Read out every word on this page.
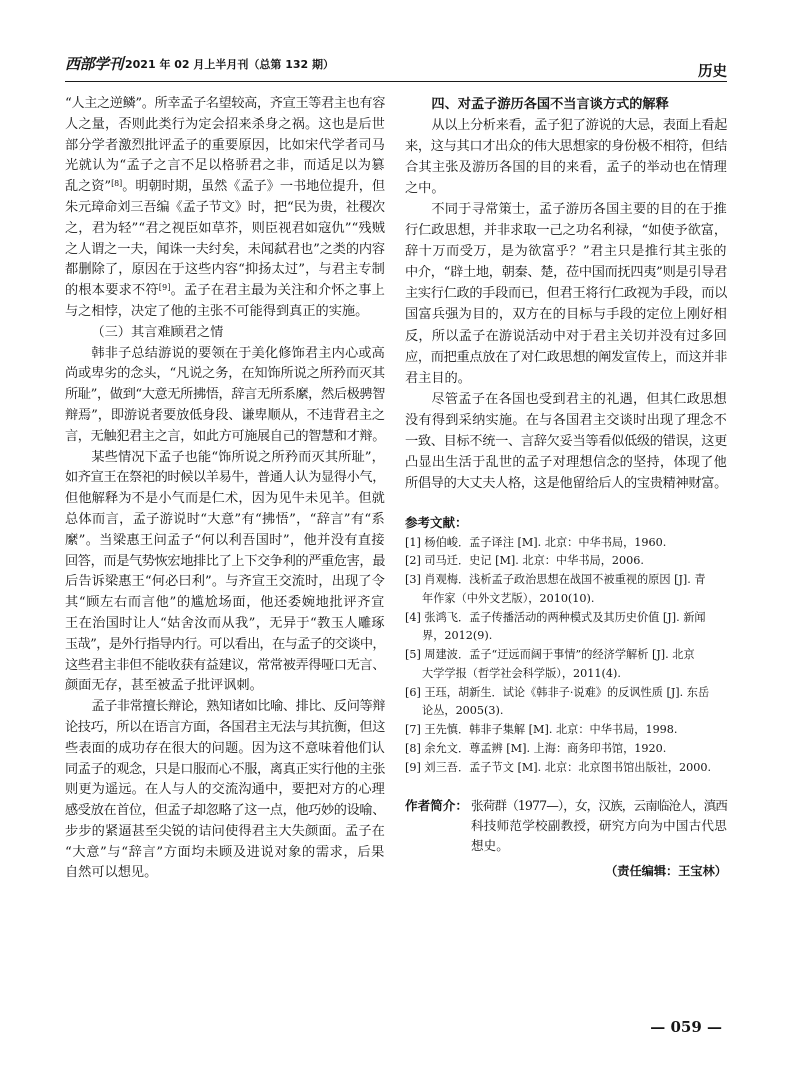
西部学刊 2021 年 02 月上半月刊（总第 132 期）	历史
“人主之逆鳞”。所幸孟子名望较高，齐宣王等君主也有容
人之量，否则此类行为定会招来杀身之祸。这也是后世
部分学者激烈批评孟子的重要原因，比如宋代学者司马
光就认为“孟子之言不足以格骄君之非，而适足以为篡
乱之资”[8]。明朝时期，虽然《孟子》一书地位提升，但
朱元璋命刘三吾编《孟子节文》时，把“民为贵，社稷次
之，君为轻”“君之视臣如草芥，则臣视君如寇仇”“残贼
之人谓之一夫，闻诛一夫纣矣，未闻弑君也”之类的内容
都删除了，原因在于这些内容“抑扬太过”，与君主专制
的根本要求不符[9]。孟子在君主最为关注和介怀之事上
与之相悖，决定了他的主张不可能得到真正的实施。
（三）其言难顾君之情
韩非子总结游说的要领在于美化修饰君主内心或高
尚或卑劣的念头，“凡说之务，在知饰所说之所矜而灭其
所耻”，做到“大意无所拂悟，辞言无所系縻，然后极骋智
辩焉”，即游说者要放低身段、谦卑顺从，不违背君主之
言，无触犯君主之言，如此方可施展自己的智慧和才辩。
某些情况下孟子也能“饰所说之所矜而灭其所耻”，
如齐宣王在祭祀的时候以羊易牛，普通人认为显得小气，
但他解释为不是小气而是仁术，因为见牛未见羊。但就
总体而言，孟子游说时“大意”有“拂悟”，“辞言”有“系
縻”。当梁惠王问孟子“何以利吾国时”，他并没有直接
回答，而是气势恢宏地排比了上下交争利的严重危害，最
后告诉梁惠王“何必曰利”。与齐宣王交流时，出现了令
其“顾左右而言他”的尴尬场面，他还委婉地批评齐宣
王在治国时让人“姑舍汝而从我”，无异于“教玉人雕琢
玉哉”，是外行指导内行。可以看出，在与孟子的交谈中，
这些君主非但不能收获有益建议，常常被弄得哑口无言、
颜面无存，甚至被孟子批评讽刺。
孟子非常擅长辩论，熟知诸如比喻、排比、反问等辩
论技巧，所以在语言方面，各国君主无法与其抗衡，但这
些表面的成功存在很大的问题。因为这不意味着他们认
同孟子的观念，只是口服而心不服，离真正实行他的主张
则更为遥远。在人与人的交流沟通中，要把对方的心理
感受放在首位，但孟子却忽略了这一点，他巧妙的设喻、
步步的紧逼甚至尖锐的诘问使得君主大失颜面。孟子在
“大意”与“辞言”方面均未顾及进说对象的需求，后果
自然可以想见。
四、对孟子游历各国不当言谈方式的解释
从以上分析来看，孟子犯了游说的大忌，表面上看起
来，这与其口才出众的伟大思想家的身份极不相符，但结
合其主张及游历各国的目的来看，孟子的举动也在情理
之中。
不同于寻常策士，孟子游历各国主要的目的在于推
行仁政思想，并非求取一己之功名利禄，“如使予欲富，
辞十万而受万，是为欲富乎？”君主只是推行其主张的
中介，“辟土地，朝秦、楚，莅中国而抚四夷”则是引导君
主实行仁政的手段而已，但君王将行仁政视为手段，而以
国富兵强为目的，双方在的目标与手段的定位上刚好相
反，所以孟子在游说活动中对于君主关切并没有过多回
应，而把重点放在了对仁政思想的阐发宣传上，而这并非
君主目的。
尽管孟子在各国也受到君主的礼遇，但其仁政思想
没有得到采纳实施。在与各国君主交谈时出现了理念不
一致、目标不统一、言辞欠妥当等看似低级的错误，这更
凸显出生活于乱世的孟子对理想信念的坚持，体现了他
所倡导的大丈夫人格，这是他留给后人的宝贵精神财富。
参考文献：
[1] 杨伯峻．孟子译注 [M]. 北京：中华书局，1960.
[2] 司马迁．史记 [M]. 北京：中华书局，2006.
[3] 肖观梅．浅析孟子政治思想在战国不被重视的原因 [J]. 青
年作家（中外文艺版），2010(10).
[4] 张鸿飞．孟子传播活动的两种模式及其历史价值 [J]. 新闻
界，2012(9).
[5] 周建波．孟子“迂远而阔于事情”的经济学解析 [J]. 北京
大学学报（哲学社会科学版），2011(4).
[6] 王珏，胡新生．试论《韩非子·说难》的反讽性质 [J]. 东岳
论丛，2005(3).
[7] 王先慎．韩非子集解 [M]. 北京：中华书局，1998.
[8] 余允文．尊孟辨 [M]. 上海：商务印书馆，1920.
[9] 刘三吾．孟子节文 [M]. 北京：北京图书馆出版社，2000.
作者简介： 张荷群（1977—），女，汉族，云南临沧人，滇西
科技师范学校副教授，研究方向为中国古代思
想史。
（责任编辑：王宝林）
— 059 —
